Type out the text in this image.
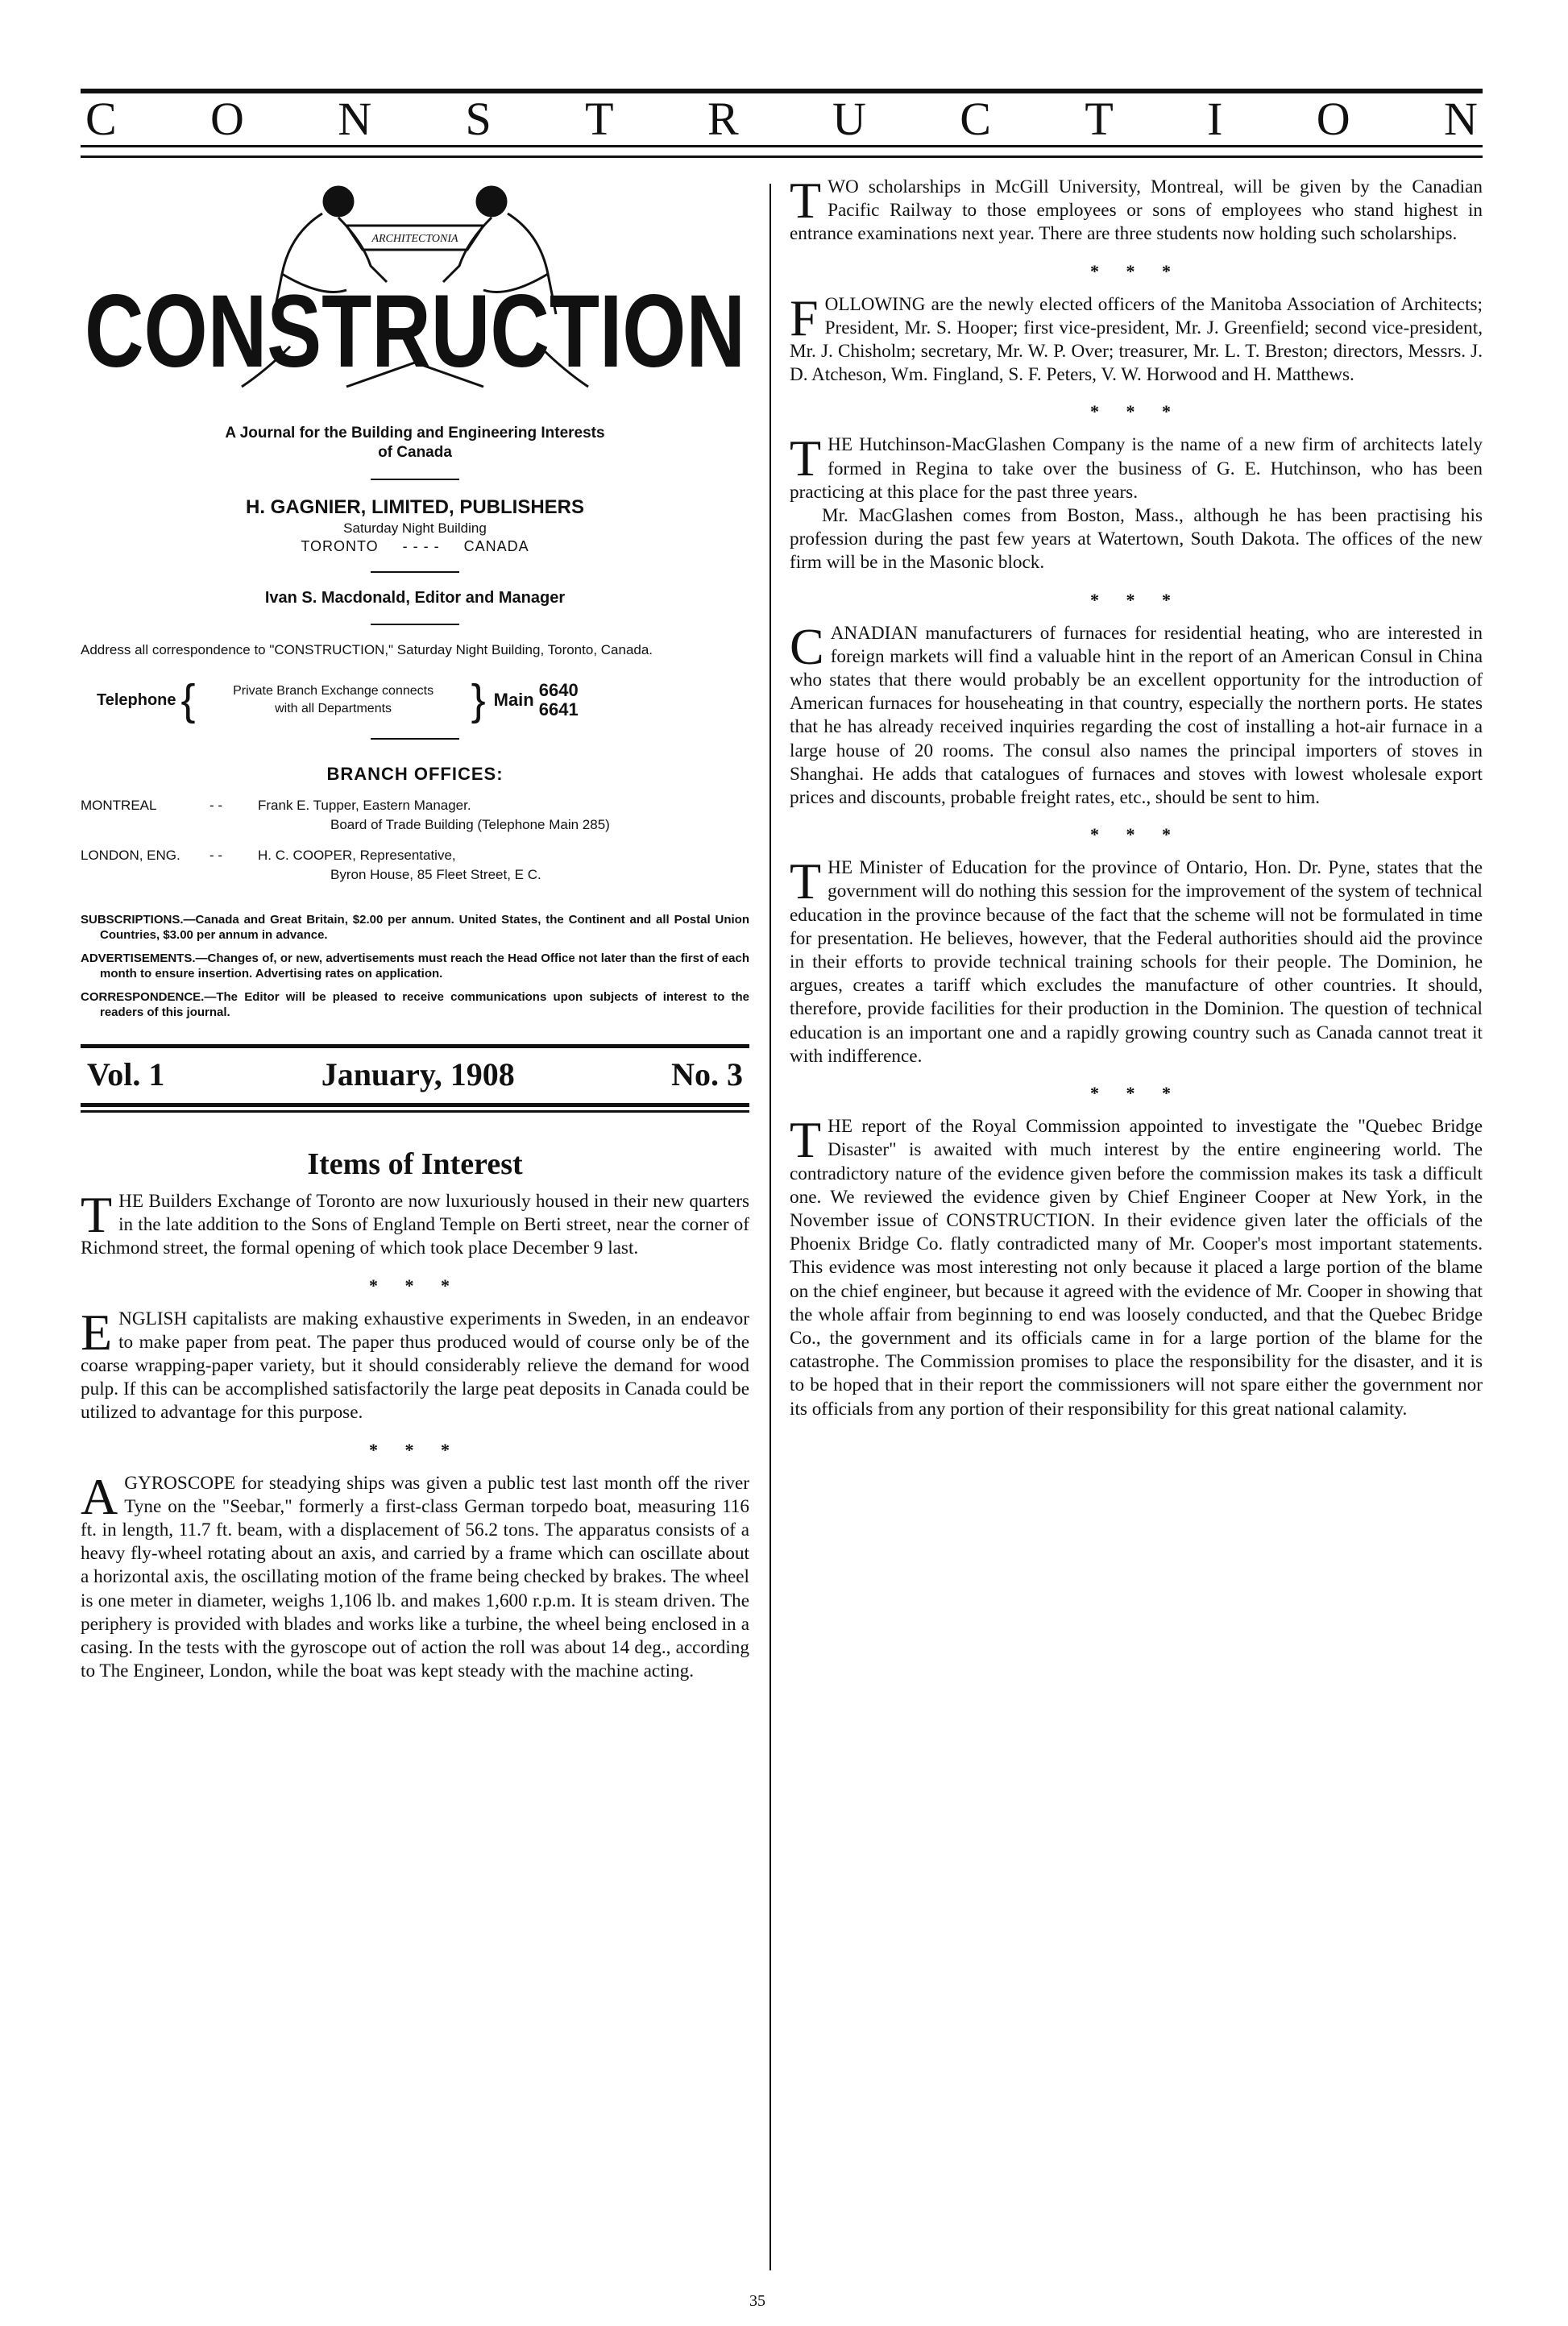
C O N S T R U C T I O N
ARCHITECTONIA
CONSTRUCTION
A Journal for the Building and Engineering Interests
of Canada
H. GAGNIER, LIMITED, PUBLISHERS
Saturday Night Building
TORONTO - - - - CANADA
Ivan S. Macdonald, Editor and Manager
Address all correspondence to "CONSTRUCTION," Saturday Night Building, Toronto, Canada.
Telephone {	Private Branch Exchange connects
with all Departments	} Main 6640
6641
BRANCH OFFICES:
MONTREAL	- -	Frank E. Tupper, Eastern Manager.
Board of Trade Building (Telephone Main 285)
LONDON, ENG.	- -	H. C. COOPER, Representative,
Byron House, 85 Fleet Street, E C.

SUBSCRIPTIONS.—Canada and Great Britain, $2.00 per annum. United States, the Continent and all Postal Union Countries, $3.00 per annum in advance.

ADVERTISEMENTS.—Changes of, or new, advertisements must reach the Head Office not later than the first of each month to ensure insertion. Advertising rates on application.

CORRESPONDENCE.—The Editor will be pleased to receive communications upon subjects of interest to the readers of this journal.

Vol. 1	January, 1908	No. 3
Items of Interest
T HE Builders Exchange of Toronto are now luxuriously housed in their new quarters in the late addition to the Sons of England Temple on Berti street, near the corner of Richmond street, the formal opening of which took place December 9 last.

* * *
E NGLISH capitalists are making exhaustive experiments in Sweden, in an endeavor to make paper from peat. The paper thus produced would of course only be of the coarse wrapping-paper variety, but it should considerably relieve the demand for wood pulp. If this can be accomplished satisfactorily the large peat deposits in Canada could be utilized to advantage for this purpose.

* * *
A GYROSCOPE for steadying ships was given a public test last month off the river Tyne on the "Seebar," formerly a first-class German torpedo boat, measuring 116 ft. in length, 11.7 ft. beam, with a displacement of 56.2 tons. The apparatus consists of a heavy fly-wheel rotating about an axis, and carried by a frame which can oscillate about a horizontal axis, the oscillating motion of the frame being checked by brakes. The wheel is one meter in diameter, weighs 1,106 lb. and makes 1,600 r.p.m. It is steam driven. The periphery is provided with blades and works like a turbine, the wheel being enclosed in a casing. In the tests with the gyroscope out of action the roll was about 14 deg., according to The Engineer, London, while the boat was kept steady with the machine acting.

T WO scholarships in McGill University, Montreal, will be given by the Canadian Pacific Railway to those employees or sons of employees who stand highest in entrance examinations next year. There are three students now holding such scholarships.

* * *
F OLLOWING are the newly elected officers of the Manitoba Association of Architects; President, Mr. S. Hooper; first vice-president, Mr. J. Greenfield; second vice-president, Mr. J. Chisholm; secretary, Mr. W. P. Over; treasurer, Mr. L. T. Breston; directors, Messrs. J. D. Atcheson, Wm. Fingland, S. F. Peters, V. W. Horwood and H. Matthews.

* * *
T HE Hutchinson-MacGlashen Company is the name of a new firm of architects lately formed in Regina to take over the business of G. E. Hutchinson, who has been practicing at this place for the past three years.

Mr. MacGlashen comes from Boston, Mass., although he has been practising his profession during the past few years at Watertown, South Dakota. The offices of the new firm will be in the Masonic block.

* * *
C ANADIAN manufacturers of furnaces for residential heating, who are interested in foreign markets will find a valuable hint in the report of an American Consul in China who states that there would probably be an excellent opportunity for the introduction of American furnaces for househeating in that country, especially the northern ports. He states that he has already received inquiries regarding the cost of installing a hot-air furnace in a large house of 20 rooms. The consul also names the principal importers of stoves in Shanghai. He adds that catalogues of furnaces and stoves with lowest wholesale export prices and discounts, probable freight rates, etc., should be sent to him.

* * *
T HE Minister of Education for the province of Ontario, Hon. Dr. Pyne, states that the government will do nothing this session for the improvement of the system of technical education in the province because of the fact that the scheme will not be formulated in time for presentation. He believes, however, that the Federal authorities should aid the province in their efforts to provide technical training schools for their people. The Dominion, he argues, creates a tariff which excludes the manufacture of other countries. It should, therefore, provide facilities for their production in the Dominion. The question of technical education is an important one and a rapidly growing country such as Canada cannot treat it with indifference.

* * *
T HE report of the Royal Commission appointed to investigate the "Quebec Bridge Disaster" is awaited with much interest by the entire engineering world. The contradictory nature of the evidence given before the commission makes its task a difficult one. We reviewed the evidence given by Chief Engineer Cooper at New York, in the November issue of CONSTRUCTION. In their evidence given later the officials of the Phoenix Bridge Co. flatly contradicted many of Mr. Cooper's most important statements. This evidence was most interesting not only because it placed a large portion of the blame on the chief engineer, but because it agreed with the evidence of Mr. Cooper in showing that the whole affair from beginning to end was loosely conducted, and that the Quebec Bridge Co., the government and its officials came in for a large portion of the blame for the catastrophe. The Commission promises to place the responsibility for the disaster, and it is to be hoped that in their report the commissioners will not spare either the government nor its officials from any portion of their responsibility for this great national calamity.

35
